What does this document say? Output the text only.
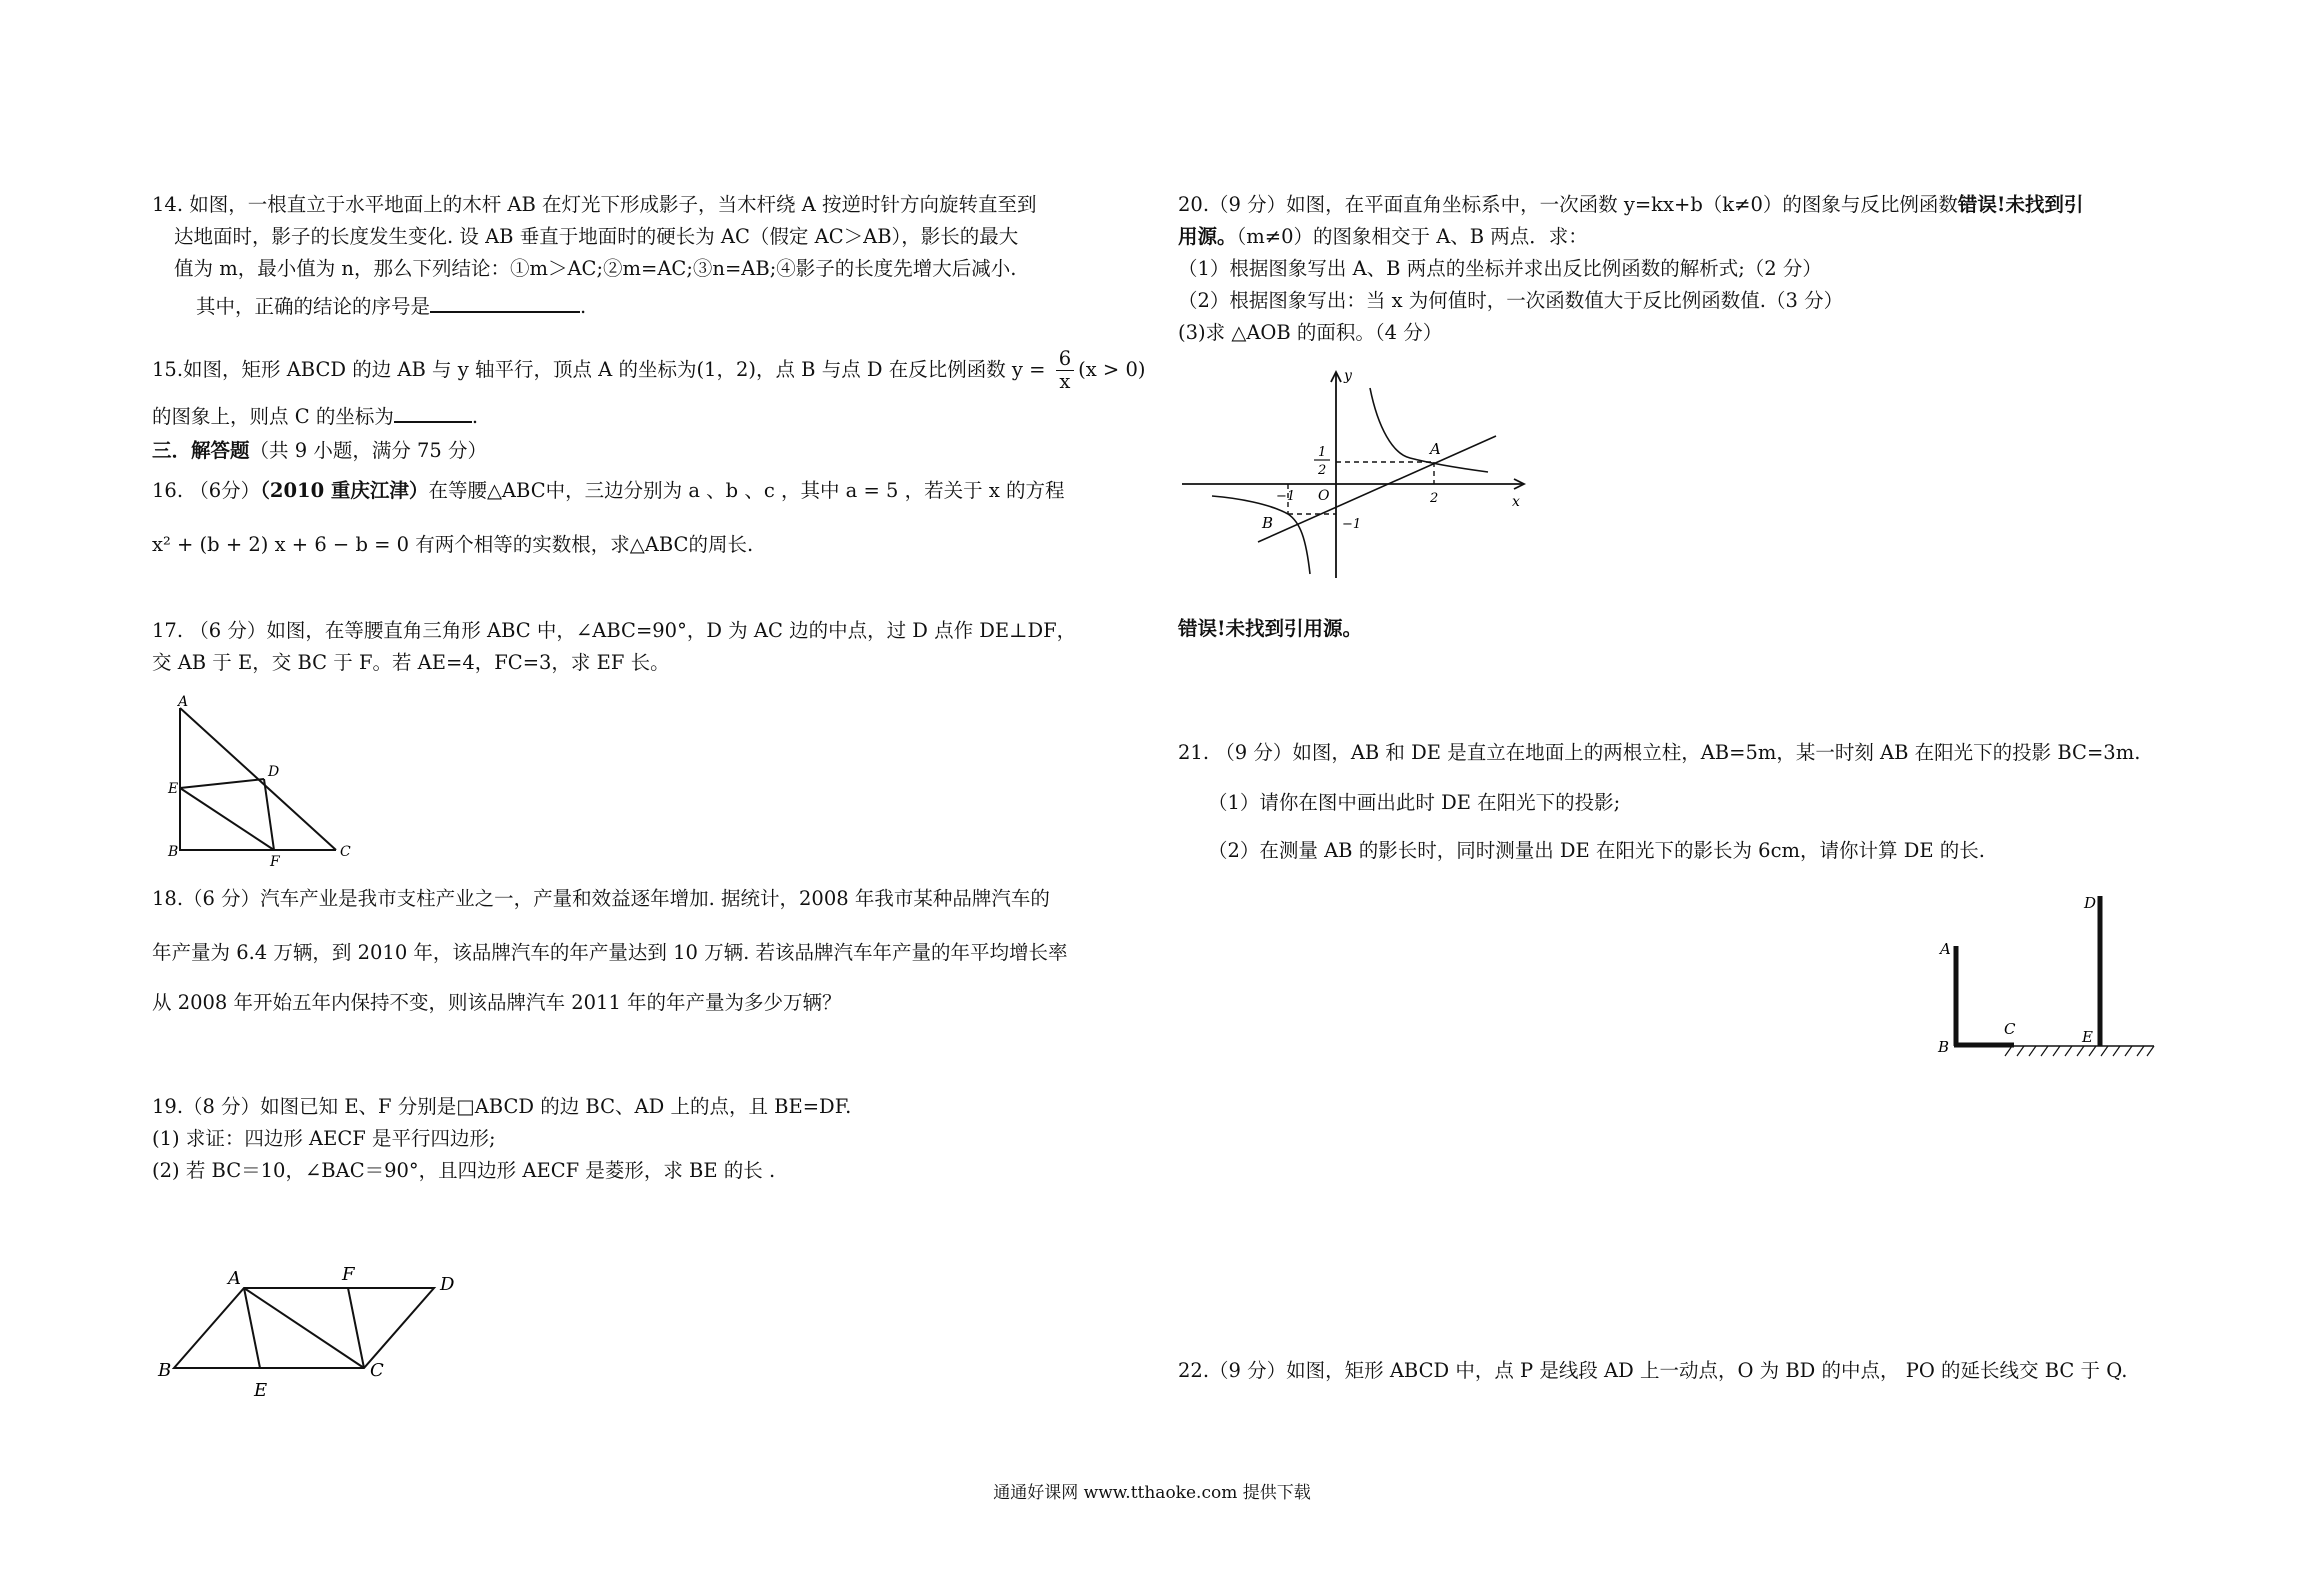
14. 如图，一根直立于水平地面上的木杆 AB 在灯光下形成影子，当木杆绕 A 按逆时针方向旋转直至到
达地面时，影子的长度发生变化. 设 AB 垂直于地面时的硬长为 AC（假定 AC＞AB），影长的最大
值为 m，最小值为 n，那么下列结论：①m＞AC;②m=AC;③n=AB;④影子的长度先增大后减小.
其中，正确的结论的序号是	.
15.如图，矩形 ABCD 的边 AB 与 y 轴平行，顶点 A 的坐标为(1，2)，点 B 与点 D 在反比例函数 $y = \frac{6}{x} (x > 0)$
的图象上，则点 C 的坐标为	.
三．解答题（共 9 小题，满分 75 分）
16. （6分）（2010 重庆江津）在等腰△ABC中，三边分别为 a 、b 、c ，其中 a = 5 ，若关于 x 的方程
x² + (b + 2) x + 6 − b = 0 有两个相等的实数根，求△ABC的周长.
17. （6 分）如图，在等腰直角三角形 ABC 中，∠ABC=90°，D 为 AC 边的中点，过 D 点作 DE⊥DF，
交 AB 于 E，交 BC 于 F。若 AE=4，FC=3，求 EF 长。
A
D
E
B
F
C
18.（6 分）汽车产业是我市支柱产业之一，产量和效益逐年增加. 据统计，2008 年我市某种品牌汽车的
年产量为 6.4 万辆，到 2010 年，该品牌汽车的年产量达到 10 万辆. 若该品牌汽车年产量的年平均增长率
从 2008 年开始五年内保持不变，则该品牌汽车 2011 年的年产量为多少万辆？
19.（8 分）如图已知 E、F 分别是□ABCD 的边 BC、AD 上的点，且 BE=DF.
(1) 求证：四边形 AECF 是平行四边形;
(2) 若 BC＝10，∠BAC＝90°，且四边形 AECF 是菱形，求 BE 的长 .
A	F	D
B
E
C
20.（9 分）如图，在平面直角坐标系中，一次函数 y=kx+b（k≠0）的图象与反比例函数错误!未找到引
用源。（m≠0）的图象相交于 A、B 两点．求：
（1）根据图象写出 A、B 两点的坐标并求出反比例函数的解析式;（2 分）
（2）根据图象写出：当 x 为何值时，一次函数值大于反比例函数值.（3 分）
(3)求 △AOB 的面积。（4 分）
y
x
O
A
B
1
2
2
−1
−1
错误!未找到引用源。
21. （9 分）如图，AB 和 DE 是直立在地面上的两根立柱，AB=5m，某一时刻 AB 在阳光下的投影 BC=3m.
（1）请你在图中画出此时 DE 在阳光下的投影;
（2）在测量 AB 的影长时，同时测量出 DE 在阳光下的影长为 6cm，请你计算 DE 的长.
D
A
C
B
E
22.（9 分）如图，矩形 ABCD 中，点 P 是线段 AD 上一动点，O 为 BD 的中点， PO 的延长线交 BC 于 Q.
通通好课网 www.tthaoke.com 提供下载
